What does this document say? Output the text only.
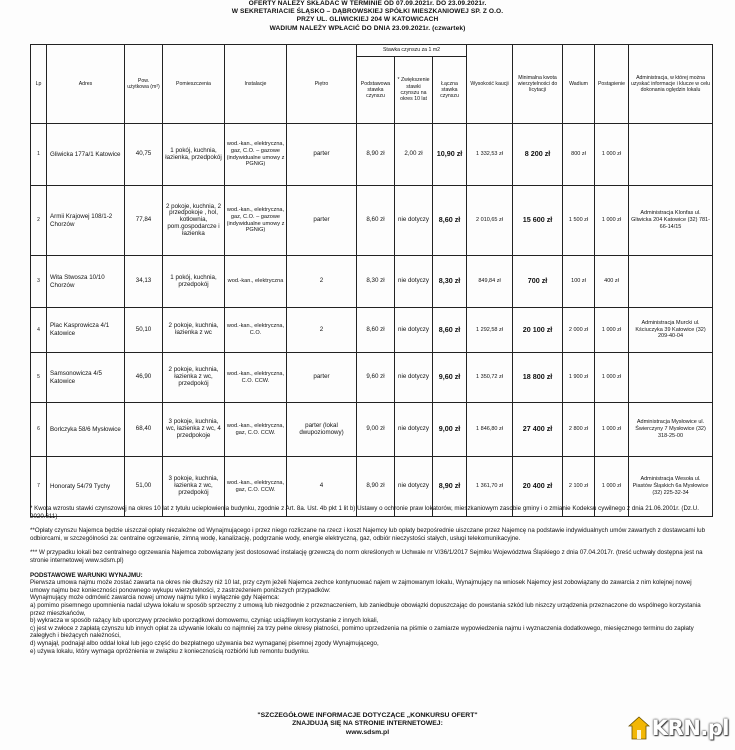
OFERTY NALEŻY SKŁADAĆ W TERMINIE OD 07.09.2021r. DO 23.09.2021r.
W SEKRETARIACIE ŚLĄSKO – DĄBROWSKIEJ SPÓŁKI MIESZKANIOWEJ SP. Z O.O.
PRZY UL. GLIWICKIEJ 204 W KATOWICACH
WADIUM NALEŻY WPŁACIĆ DO DNIA 23.09.2021r. (czwartek)
Lp	Adres	Pow. użytkowa (m²)	Pomieszczenia	Instalacje	Piętro	Stawka czynszu za 1 m2			Wysokość kaucji	Minimalna kwota wierzytelności do licytacji	Wadium	Postąpienie	Administracja, w której można uzyskać informacje i klucze w celu dokonania oględzin lokalu
						Podstawowa stawka czynszu	* Zwiększenie stawki czynszu na okres 10 lat	Łączna stawka czynszu					
1	Gliwicka 177a/1 Katowice	40,75	1 pokój, kuchnia, łazienka, przedpokój	wod.-kan., elektryczna, gaz, C.O. – gazowe (indywidualne umowy z PGNiG)	parter	8,90 zł	2,00 zł	10,90 zł	1 332,53 zł	8 200 zł	800 zł	1 000 zł	
2	Armii Krajowej 108/1-2 Chorzów	77,84	2 pokoje, kuchnia, 2 przedpokoje , hol, kotłownia, pom.gospodarcze i łazienka	wod.-kan., elektryczna, gaz, C.O. – gazowe (indywidualne umowy z PGNiG)	parter	8,60 zł	nie dotyczy	8,60 zł	2 010,65 zł	15 600 zł	1 500 zł	1 000 zł	Administracja Klonfas ul. Gliwicka 204 Katowice (32) 781-66-14/15
3	Wita Stwosza 10/10 Chorzów	34,13	1 pokój, kuchnia, przedpokój	wod.-kan., elektryczna	2	8,30 zł	nie dotyczy	8,30 zł	849,84 zł	700 zł	100 zł	400 zł	
4	Plac Kasprowicza 4/1 Katowice	50,10	2 pokoje, kuchnia, łazienka z wc	wod.-kan., elektryczna, C.O.	2	8,60 zł	nie dotyczy	8,60 zł	1 292,58 zł	20 100 zł	2 000 zł	1 000 zł	Administracja Murcki ul. Kściuczyka 39 Katowice (32) 209-40-04
5	Samsonowicza 4/5 Katowice	46,90	2 pokoje, kuchnia, łazienka z wc, przedpokój	wod.-kan., elektryczna, C.O. CCW.	parter	9,60 zł	nie dotyczy	9,60 zł	1 350,72 zł	18 800 zł	1 900 zł	1 000 zł	
6	Borlczyka 58/6 Mysłowice	68,40	3 pokoje, kuchnia, wc, łazienka z wc, 4 przedpokoje	wod.-kan., elektryczna, gaz, C.O. CCW.	parter (lokal dwupoziomowy)	9,00 zł	nie dotyczy	9,00 zł	1 846,80 zł	27 400 zł	2 800 zł	1 000 zł	Administracja Mysłowice ul. Świerczyny 7 Mysłowice (32) 318-25-00
7	Honoraty 54/79 Tychy	51,00	3 pokoje, kuchnia, łazienka z wc, przedpokój	wod.-kan., elektryczna, gaz, C.O. CCW.	4	8,90 zł	nie dotyczy	8,90 zł	1 361,70 zł	20 400 zł	2 100 zł	1 000 zł	Administracja Wesoła ul. Piastów Śląskich 6a Mysłowice (32) 225-32-34

* Kwota wzrostu stawki czynszowej na okres 10 lat z tytułu ucieplowienia budynku, zgodnie z Art. 8a. Ust. 4b pkt 1 lit b) Ustawy o ochronie praw lokatorów, mieszkaniowym zasobie gminy i o zmianie Kodeksu cywilnego z dnia 21.06.2001r. (Dz.U. 2020.611)

**Opłaty czynszu Najemca będzie uiszczał opłaty niezależne od Wynajmującego i przez niego rozliczane na rzecz i koszt Najemcy lub opłaty bezpośrednie uiszczane przez Najemcę na podstawie indywidualnych umów zawartych z dostawcami lub odbiorcami, w szczególności za: centralne ogrzewanie, zimną wodę, kanalizację, podgrzanie wody, energie elektryczną, gaz, odbiór nieczystości stałych, usługi telekomunikacyjne.

*** W przypadku lokali bez centralnego ogrzewania Najemca zobowiązany jest dostosować instalację grzewczą do norm określonych w Uchwale nr V/36/1/2017 Sejmiku Województwa Śląskiego z dnia 07.04.2017r. (treść uchwały dostępna jest na stronie internetowej www.sdsm.pl)

PODSTAWOWE WARUNKI WYNAJMU:
Pierwsza umowa najmu może zostać zawarta na okres nie dłuższy niż 10 lat, przy czym jeżeli Najemca zechce kontynuować najem w zajmowanym lokalu, Wynajmujący na wniosek Najemcy jest zobowiązany do zawarcia z nim kolejnej nowej umowy najmu bez konieczności ponownego wykupu wierzytelności, z zastrzeżeniem poniższych przypadków:
Wynajmujący może odmówić zawarcia nowej umowy najmu tylko i wyłącznie gdy Najemca:
a) pomimo pisemnego upomnienia nadal używa lokalu w sposób sprzeczny z umową lub niezgodnie z przeznaczeniem, lub zaniedbuje obowiązki dopuszczając do powstania szkód lub niszczy urządzenia przeznaczone do wspólnego korzystania przez mieszkańców,
b) wykracza w sposób rażący lub uporczywy przeciwko porządkowi domowemu, czyniąc uciążliwym korzystanie z innych lokali,
c) jest w zwłoce z zapłatą czynszu lub innych opłat za używanie lokalu co najmniej za trzy pełne okresy płatności, pomimo uprzedzenia na piśmie o zamiarze wypowiedzenia najmu i wyznaczenia dodatkowego, miesięcznego terminu do zapłaty zaległych i bieżących należności,
d) wynajął, podnajął albo oddał lokal lub jego część do bezpłatnego używania bez wymaganej pisemnej zgody Wynajmującego,
e) używa lokalu, który wymaga opróżnienia w związku z koniecznością rozbiórki lub remontu budynku.
"SZCZEGÓŁOWE INFORMACJE DOTYCZĄCE „KONKURSU OFERT"
ZNAJDUJĄ SIĘ NA STRONIE INTERNETOWEJ:
www.sdsm.pl	KRN.pl
